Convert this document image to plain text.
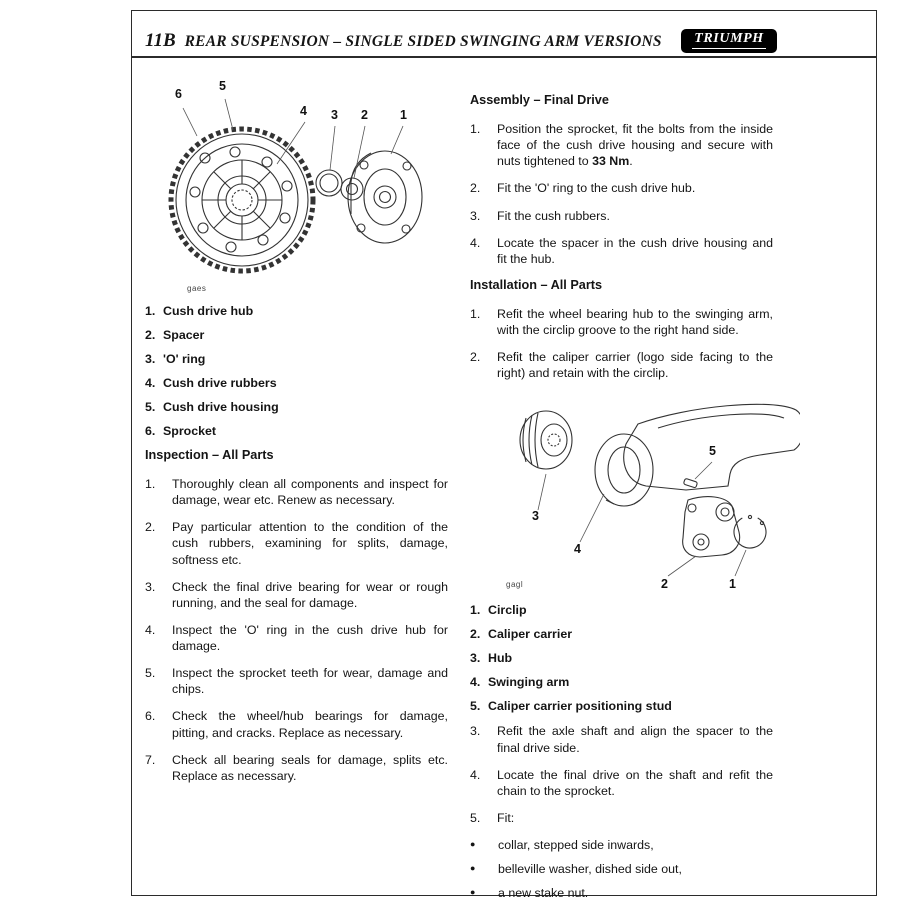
11B REAR SUSPENSION – SINGLE SIDED SWINGING ARM VERSIONS TRIUMPH
6
5
4 3 2	1
gaes
1. Cush drive hub
2. Spacer
3. 'O' ring
4. Cush drive rubbers
5. Cush drive housing
6. Sprocket
Inspection – All Parts
1.	Thoroughly clean all components and inspect for damage, wear etc. Renew as necessary.
2.	Pay particular attention to the condition of the cush rubbers, examining for splits, damage, softness etc.
3.	Check the final drive bearing for wear or rough running, and the seal for damage.
4.	Inspect the 'O' ring in the cush drive hub for damage.
5.	Inspect the sprocket teeth for wear, damage and chips.
6.	Check the wheel/hub bearings for damage, pitting, and cracks. Replace as necessary.
7.	Check all bearing seals for damage, splits etc. Replace as necessary.
Assembly – Final Drive
1.	Position the sprocket, fit the bolts from the inside face of the cush drive housing and secure with nuts tightened to 33 Nm.
2.	Fit the 'O' ring to the cush drive hub.
3.	Fit the cush rubbers.
4.	Locate the spacer in the cush drive housing and fit the hub.
Installation – All Parts
1.	Refit the wheel bearing hub to the swinging arm, with the circlip groove to the right hand side.
2.	Refit the caliper carrier (logo side facing to the right) and retain with the circlip.
5
3
4
2	1
gagl
1. Circlip
2. Caliper carrier
3. Hub
4. Swinging arm
5. Caliper carrier positioning stud
3.	Refit the axle shaft and align the spacer to the final drive side.
4.	Locate the final drive on the shaft and refit the chain to the sprocket.
5.	Fit:
●	collar, stepped side inwards,
●	belleville washer, dished side out,
●	a new stake nut.
